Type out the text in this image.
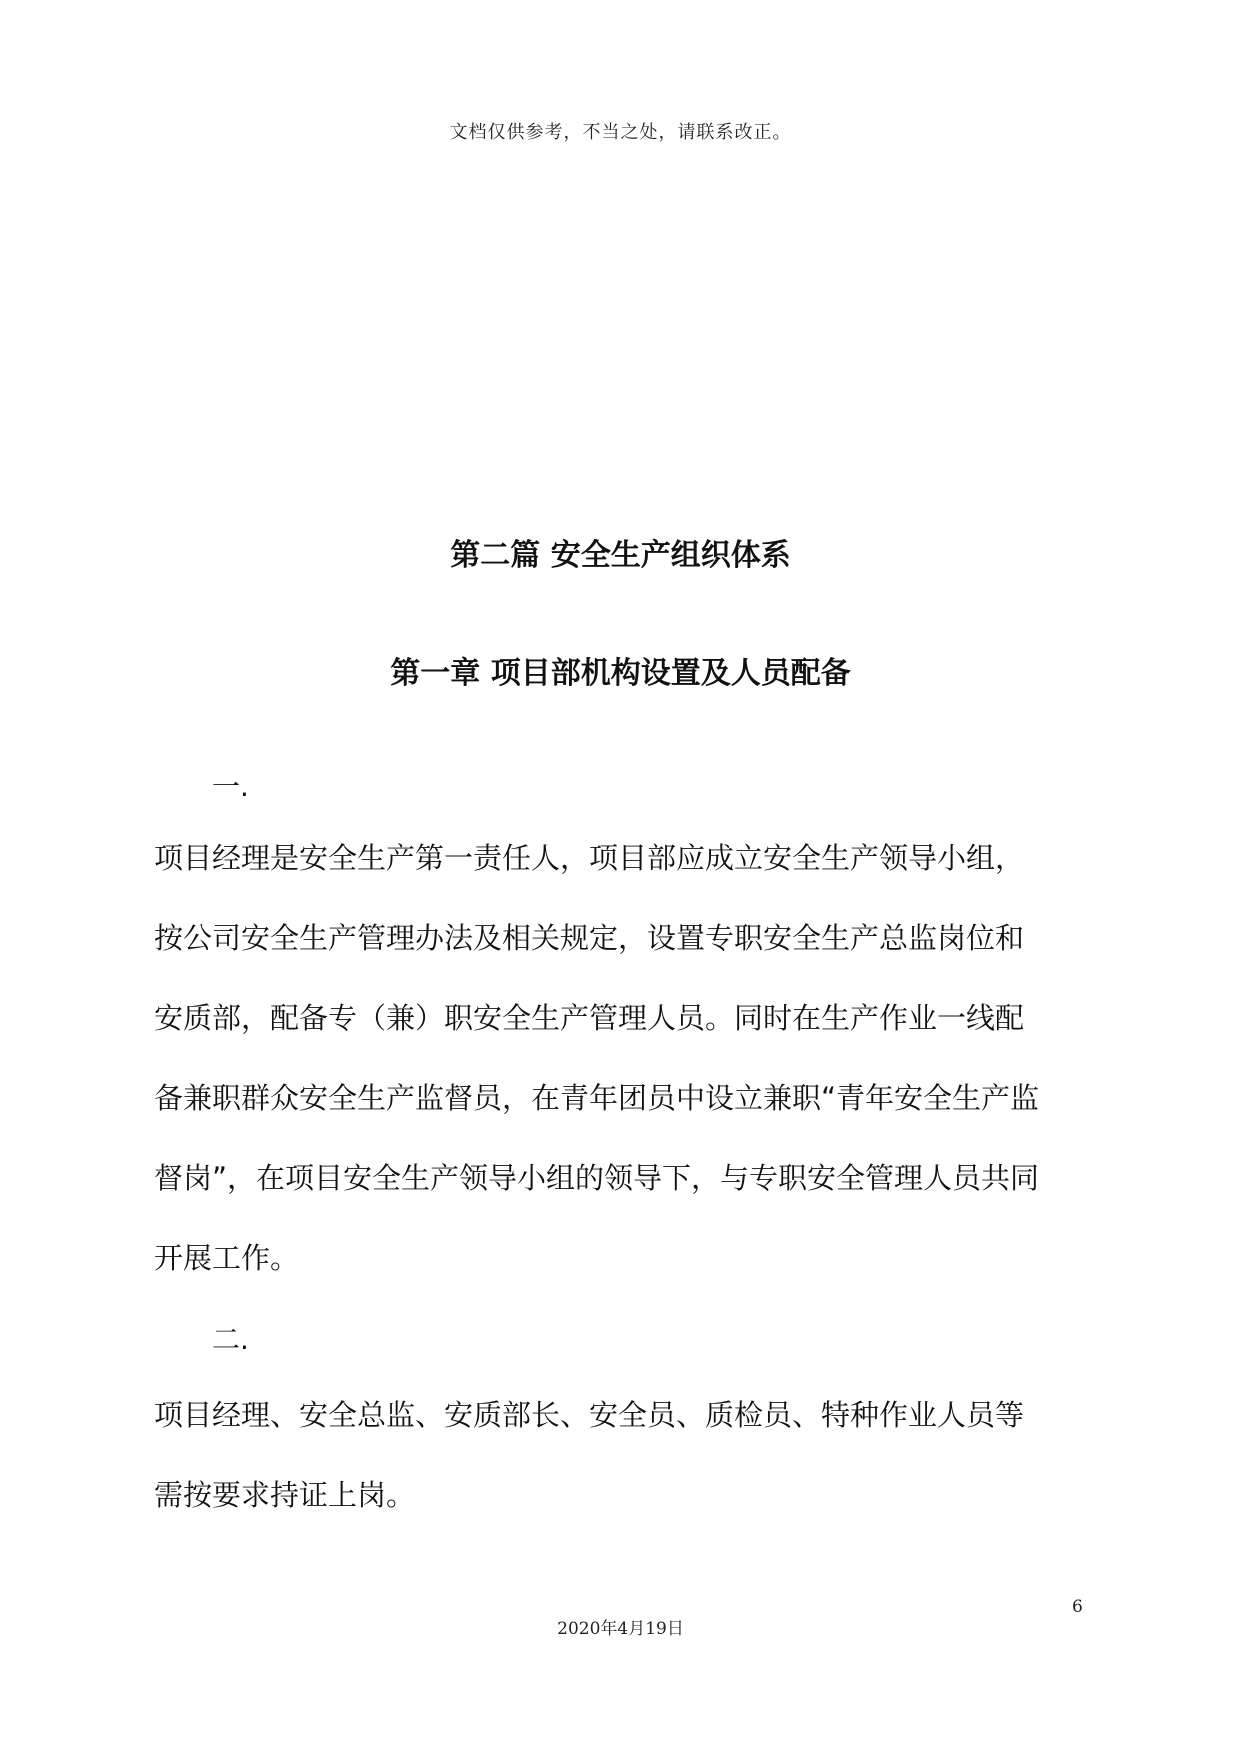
文档仅供参考，不当之处，请联系改正。
第二篇 安全生产组织体系
第一章 项目部机构设置及人员配备
一.
项目经理是安全生产第一责任人，项目部应成立安全生产领导小组，
按公司安全生产管理办法及相关规定，设置专职安全生产总监岗位和
安质部，配备专（兼）职安全生产管理人员。同时在生产作业一线配
备兼职群众安全生产监督员，在青年团员中设立兼职“青年安全生产监
督岗”，在项目安全生产领导小组的领导下，与专职安全管理人员共同
开展工作。
二.
项目经理、安全总监、安质部长、安全员、质检员、特种作业人员等
需按要求持证上岗。
6
2020年4月19日
